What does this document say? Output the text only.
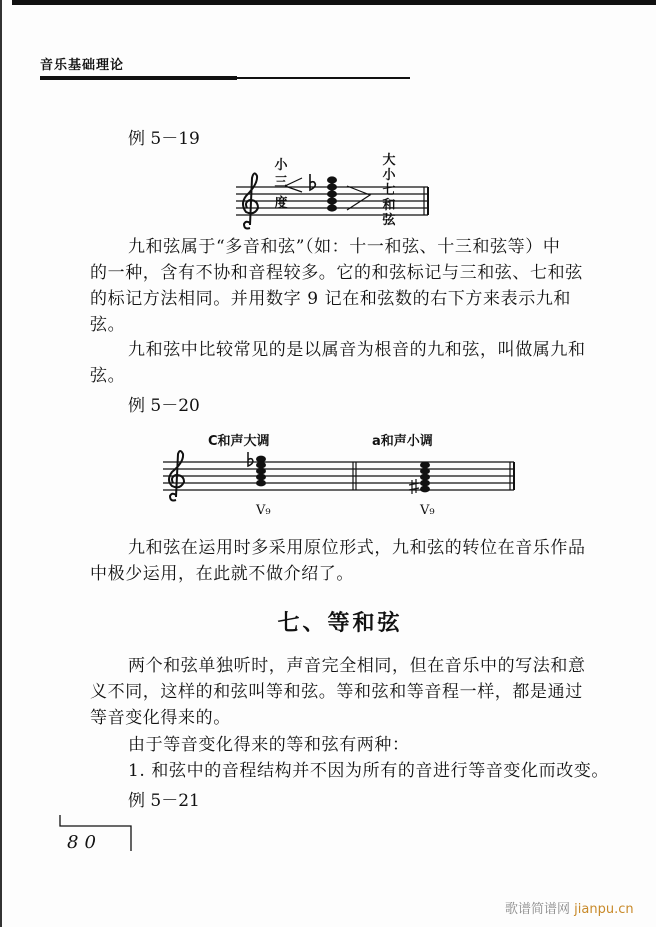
音乐基础理论
例 5－19
小
三
度
大
小
七
和
弦
九和弦属于“多音和弦”（如：十一和弦、十三和弦等）中
的一种，含有不协和音程较多。它的和弦标记与三和弦、七和弦
的标记方法相同。并用数字 9 记在和弦数的右下方来表示九和
弦。
九和弦中比较常见的是以属音为根音的九和弦，叫做属九和
弦。
例 5－20
C和声大调	a和声小调
V₉	V₉
九和弦在运用时多采用原位形式，九和弦的转位在音乐作品
中极少运用，在此就不做介绍了。
七、等和弦
两个和弦单独听时，声音完全相同，但在音乐中的写法和意
义不同，这样的和弦叫等和弦。等和弦和等音程一样，都是通过
等音变化得来的。
由于等音变化得来的等和弦有两种：
1. 和弦中的音程结构并不因为所有的音进行等音变化而改变。
例 5－21
80
歌谱简谱网 jianpu.cn
